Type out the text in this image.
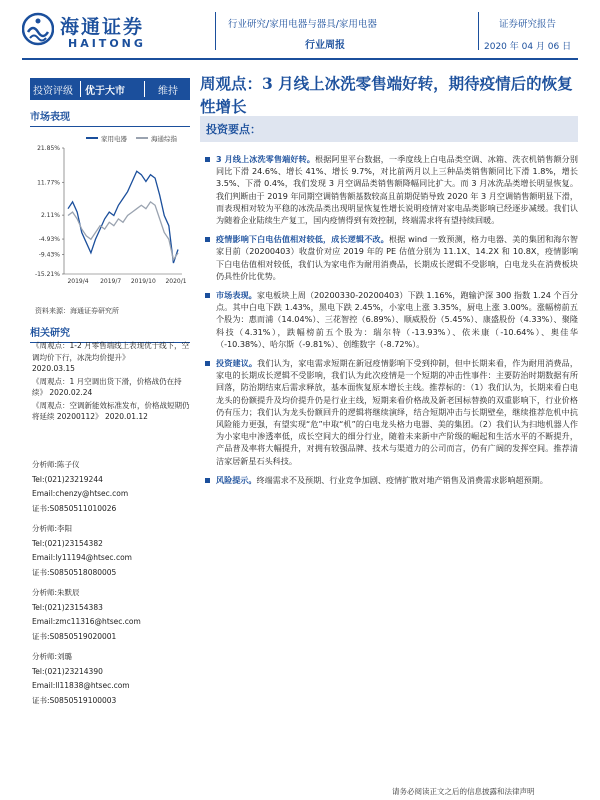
海通证券
HAITONG
行业研究/家用电器与器具/家用电器
行业周报
证券研究报告
2020 年 04 月 06 日
投资评级 优于大市	维持
市场表现
家用电器	海通综指
21.85%
11.77%
2.11%
-4.93%
-9.43%
-15.21%
2019/4 2019/7 2019/10 2020/1
资料来源：海通证券研究所
相关研究
《周观点：1-2 月零售端线上表现优于线下，空调均价下行，冰洗均价提升》
2020.03.15
《周观点：1 月空调出货下滑，价格战仍在持续》 2020.02.24
《周观点：空调新能效标准发布，价格战短期仍将延续 20200112》 2020.01.12
分析师:陈子仪
Tel:(021)23219244
Email:chenzy@htsec.com
证书:S0850511010026
分析师:李阳
Tel:(021)23154382
Email:ly11194@htsec.com
证书:S0850518080005
分析师:朱默辰
Tel:(021)23154383
Email:zmc11316@htsec.com
证书:S0850519020001
分析师:刘璐
Tel:(021)23214390
Email:ll11838@htsec.com
证书:S0850519100003
周观点：3 月线上冰洗零售端好转，期待疫情后的恢复性增长
投资要点：
3 月线上冰洗零售端好转。根据阿里平台数据，一季度线上白电品类空调、冰箱、洗衣机销售额分别同比下滑 24.6%、增长 41%、增长 9.7%，对比前两月以上三种品类销售额同比下滑 1.8%，增长 3.5%、下滑 0.4%，我们发现 3 月空调品类销售额降幅同比扩大。而 3 月冰洗品类增长明显恢复。我们判断由于 2019 年同期空调销售额基数较高且前期促销导致 2020 年 3 月空调销售额明显下滑，而表现相对较为平稳的冰洗品类出现明显恢复性增长说明疫情对家电品类影响已经逐步减缓。我们认为随着企业陆续生产复工，国内疫情得到有效控制，终端需求将有望持续回暖。
疫情影响下白电估值相对较低，成长逻辑不改。根据 wind 一致预测，格力电器、美的集团和海尔智家目前（20200403）收盘价对应 2019 年的 PE 估值分别为 11.1X、14.2X 和 10.8X，疫情影响下白电估值相对较低，我们认为家电作为耐用消费品，长期成长逻辑不受影响，白电龙头在消费板块仍具性价比优势。
市场表现。家电板块上周（20200330-20200403）下跌 1.16%，跑输沪深 300 指数 1.24 个百分点。其中白电下跌 1.43%，黑电下跌 2.45%，小家电上涨 3.35%，厨电上涨 3.00%。涨幅榜前五个股为：惠而浦（14.04%）、三花智控（6.89%）、顺威股份（5.45%）、康盛股份（4.33%）、聚隆科技（4.31%），跌幅榜前五个股为：瑞尔特（-13.93%）、依米康（-10.64%）、奥佳华（-10.38%）、哈尔斯（-9.81%）、创维数字（-8.72%）。
投资建议。我们认为，家电需求短期在新冠疫情影响下受到抑制，但中长期来看，作为耐用消费品，家电的长期成长逻辑不受影响，我们认为此次疫情是一个短期的冲击性事件：主要防治时期数据有所回落，防治期结束后需求释放，基本面恢复原本增长主线。推荐标的：（1）我们认为，长期来看白电龙头的份额提升及均价提升仍是行业主线，短期来看价格战及新老国标替换的双重影响下，行业价格仍有压力；我们认为龙头份额回升的逻辑将继续演绎，结合短期冲击与长期壁垒，继续推荐危机中抗风险能力更强，有望实现“危”中取“机”的白电龙头格力电器、美的集团。（2）我们认为扫地机器人作为小家电中渗透率低，成长空间大的细分行业，随着未来新中产阶级的崛起和生活水平的不断提升，产品普及率将大幅提升，对拥有较强品牌、技术与渠道力的公司而言，仍有广阔的发挥空间。推荐清洁家居新星石头科技。
风险提示。终端需求不及预期、行业竞争加剧、疫情扩散对地产销售及消费需求影响超预期。
请务必阅读正文之后的信息披露和法律声明
